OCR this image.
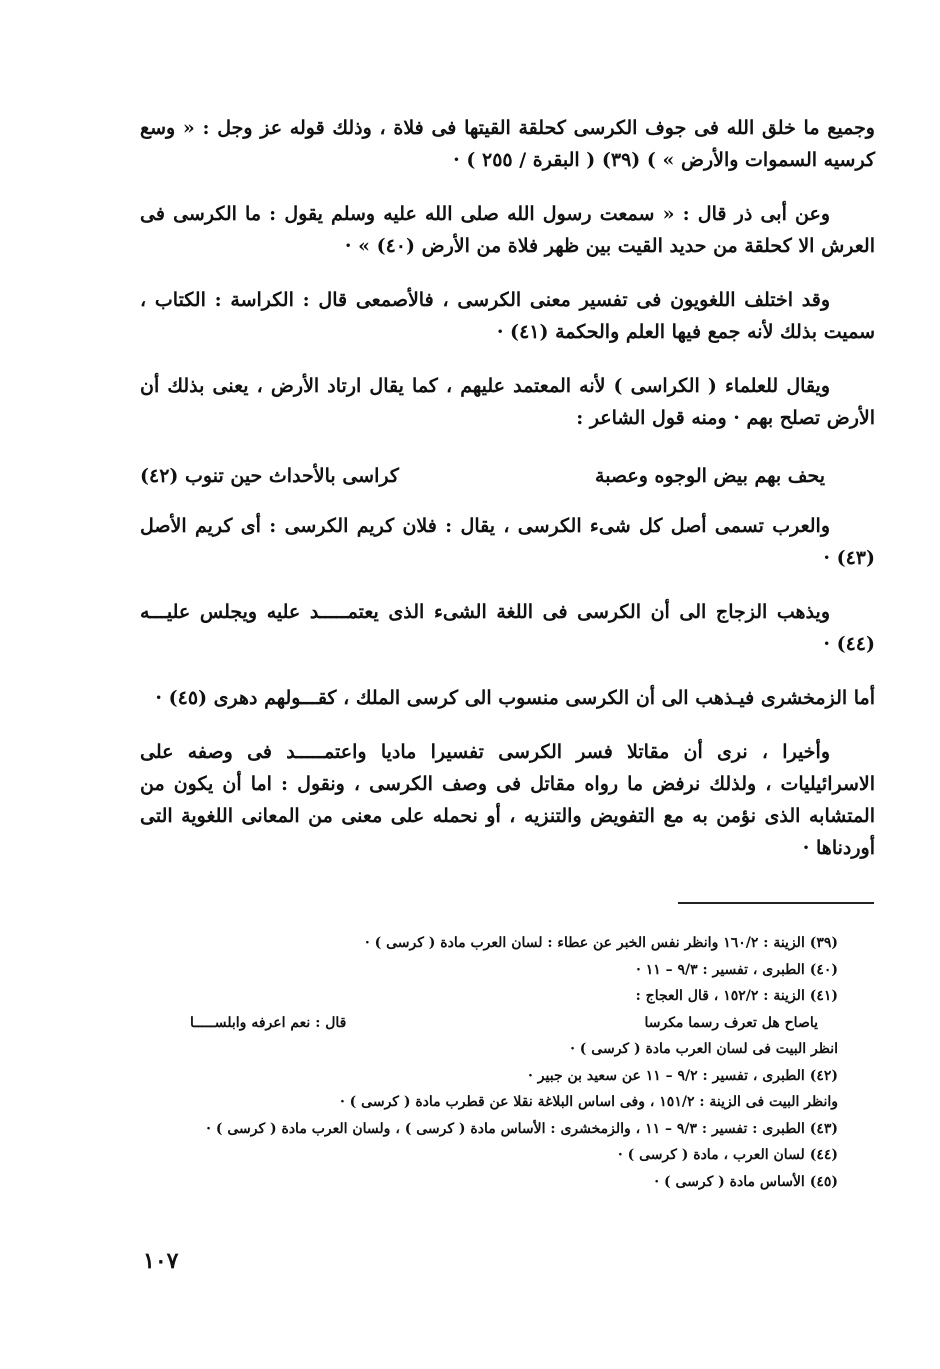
وجميع ما خلق الله فى جوف الكرسى كحلقة القيتها فى فلاة ، وذلك قوله عز وجل : « وسع كرسيه السموات والأرض » ) (٣٩) ( البقرة / ٢٥٥ ) ·

وعن أبى ذر قال : « سمعت رسول الله صلى الله عليه وسلم يقول : ما الكرسى فى العرش الا كحلقة من حديد القيت بين ظهر فلاة من الأرض (٤٠) » ·

وقد اختلف اللغويون فى تفسير معنى الكرسى ، فالأصمعى قال : الكراسة : الكتاب ، سميت بذلك لأنه جمع فيها العلم والحكمة (٤١) ·

ويقال للعلماء ( الكراسى ) لأنه المعتمد عليهم ، كما يقال ارتاد الأرض ، يعنى بذلك أن الأرض تصلح بهم · ومنه قول الشاعر :

والعرب تسمى أصل كل شىء الكرسى ، يقال : فلان كريم الكرسى : أى كريم الأصل (٤٣) ·

ويذهب الزجاج الى أن الكرسى فى اللغة الشىء الذى يعتمـــــد عليه ويجلس عليـــه (٤٤) ·

أما الزمخشرى فيـذهب الى أن الكرسى منسوب الى كرسى الملك ، كقـــولهم دهرى (٤٥) ·

وأخيرا ، نرى أن مقاتلا فسر الكرسى تفسيرا ماديا واعتمـــــد فى وصفه على الاسرائيليات ، ولذلك نرفض ما رواه مقاتل فى وصف الكرسى ، ونقول : اما أن يكون من المتشابه الذى نؤمن به مع التفويض والتنزيه ، أو نحمله على معنى من المعانى اللغوية التى أوردناها ·

يحف بهم بيض الوجوه وعصبة
كراسى بالأحداث حين تنوب (٤٢)

(٣٩) الزينة : ١٦٠/٢ وانظر نفس الخبر عن عطاء : لسان العرب مادة ( كرسى ) ·

(٤٠) الطبرى ، تفسير : ٩/٣ – ١١ ·

(٤١) الزينة : ١٥٢/٢ ، قال العجاج :

ياصاح هل تعرف رسما مكرسا
قال : نعم اعرفه وابلســـــا

انظر البيت فى لسان العرب مادة ( كرسى ) ·

(٤٢) الطبرى ، تفسير : ٩/٢ – ١١ عن سعيد بن جبير ·

وانظر البيت فى الزينة : ١٥١/٢ ، وفى اساس البلاغة نقلا عن قطرب مادة ( كرسى ) ·

(٤٣) الطبرى : تفسير : ٩/٣ – ١١ ، والزمخشرى : الأساس مادة ( كرسى ) ، ولسان العرب مادة ( كرسى ) ·

(٤٤) لسان العرب ، مادة ( كرسى ) ·

(٤٥) الأساس مادة ( كرسى ) ·

١٠٧
